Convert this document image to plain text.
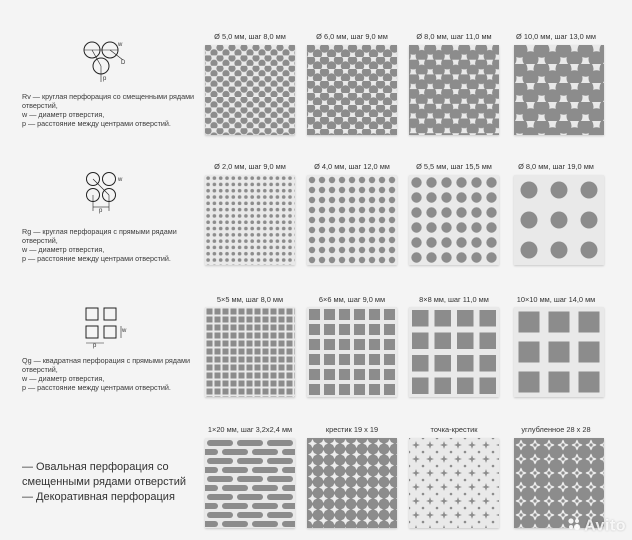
w
D
p
Rv — круглая перфорация со смещенными рядами отверстий,
w — диаметр отверстия,
p — расстояние между центрами отверстий.
Ø 5,0 мм, шаг 8,0 мм	Ø 6,0 мм, шаг 9,0 мм	Ø 8,0 мм, шаг 11,0 мм	Ø 10,0 мм, шаг 13,0 мм
w
p
Rg — круглая перфорация с прямыми рядами отверстий,
w — диаметр отверстия,
p — расстояние между центрами отверстий.
Ø 2,0 мм, шаг 9,0 мм	Ø 4,0 мм, шаг 12,0 мм	Ø 5,5 мм, шаг 15,5 мм	Ø 8,0 мм, шаг 19,0 мм
w
p
Qg — квадратная перфорация с прямыми рядами отверстий,
w — диаметр отверстия,
p — расстояние между центрами отверстий.
5×5 мм, шаг 8,0 мм	6×6 мм, шаг 9,0 мм	8×8 мм, шаг 11,0 мм	10×10 мм, шаг 14,0 мм
— Овальная перфорация со смещенными рядами отверстий
— Декоративная перфорация
1×20 мм, шаг 3,2х2,4 мм	крестик 19 х 19	точка-крестик	углубленное 28 х 28
Avito
